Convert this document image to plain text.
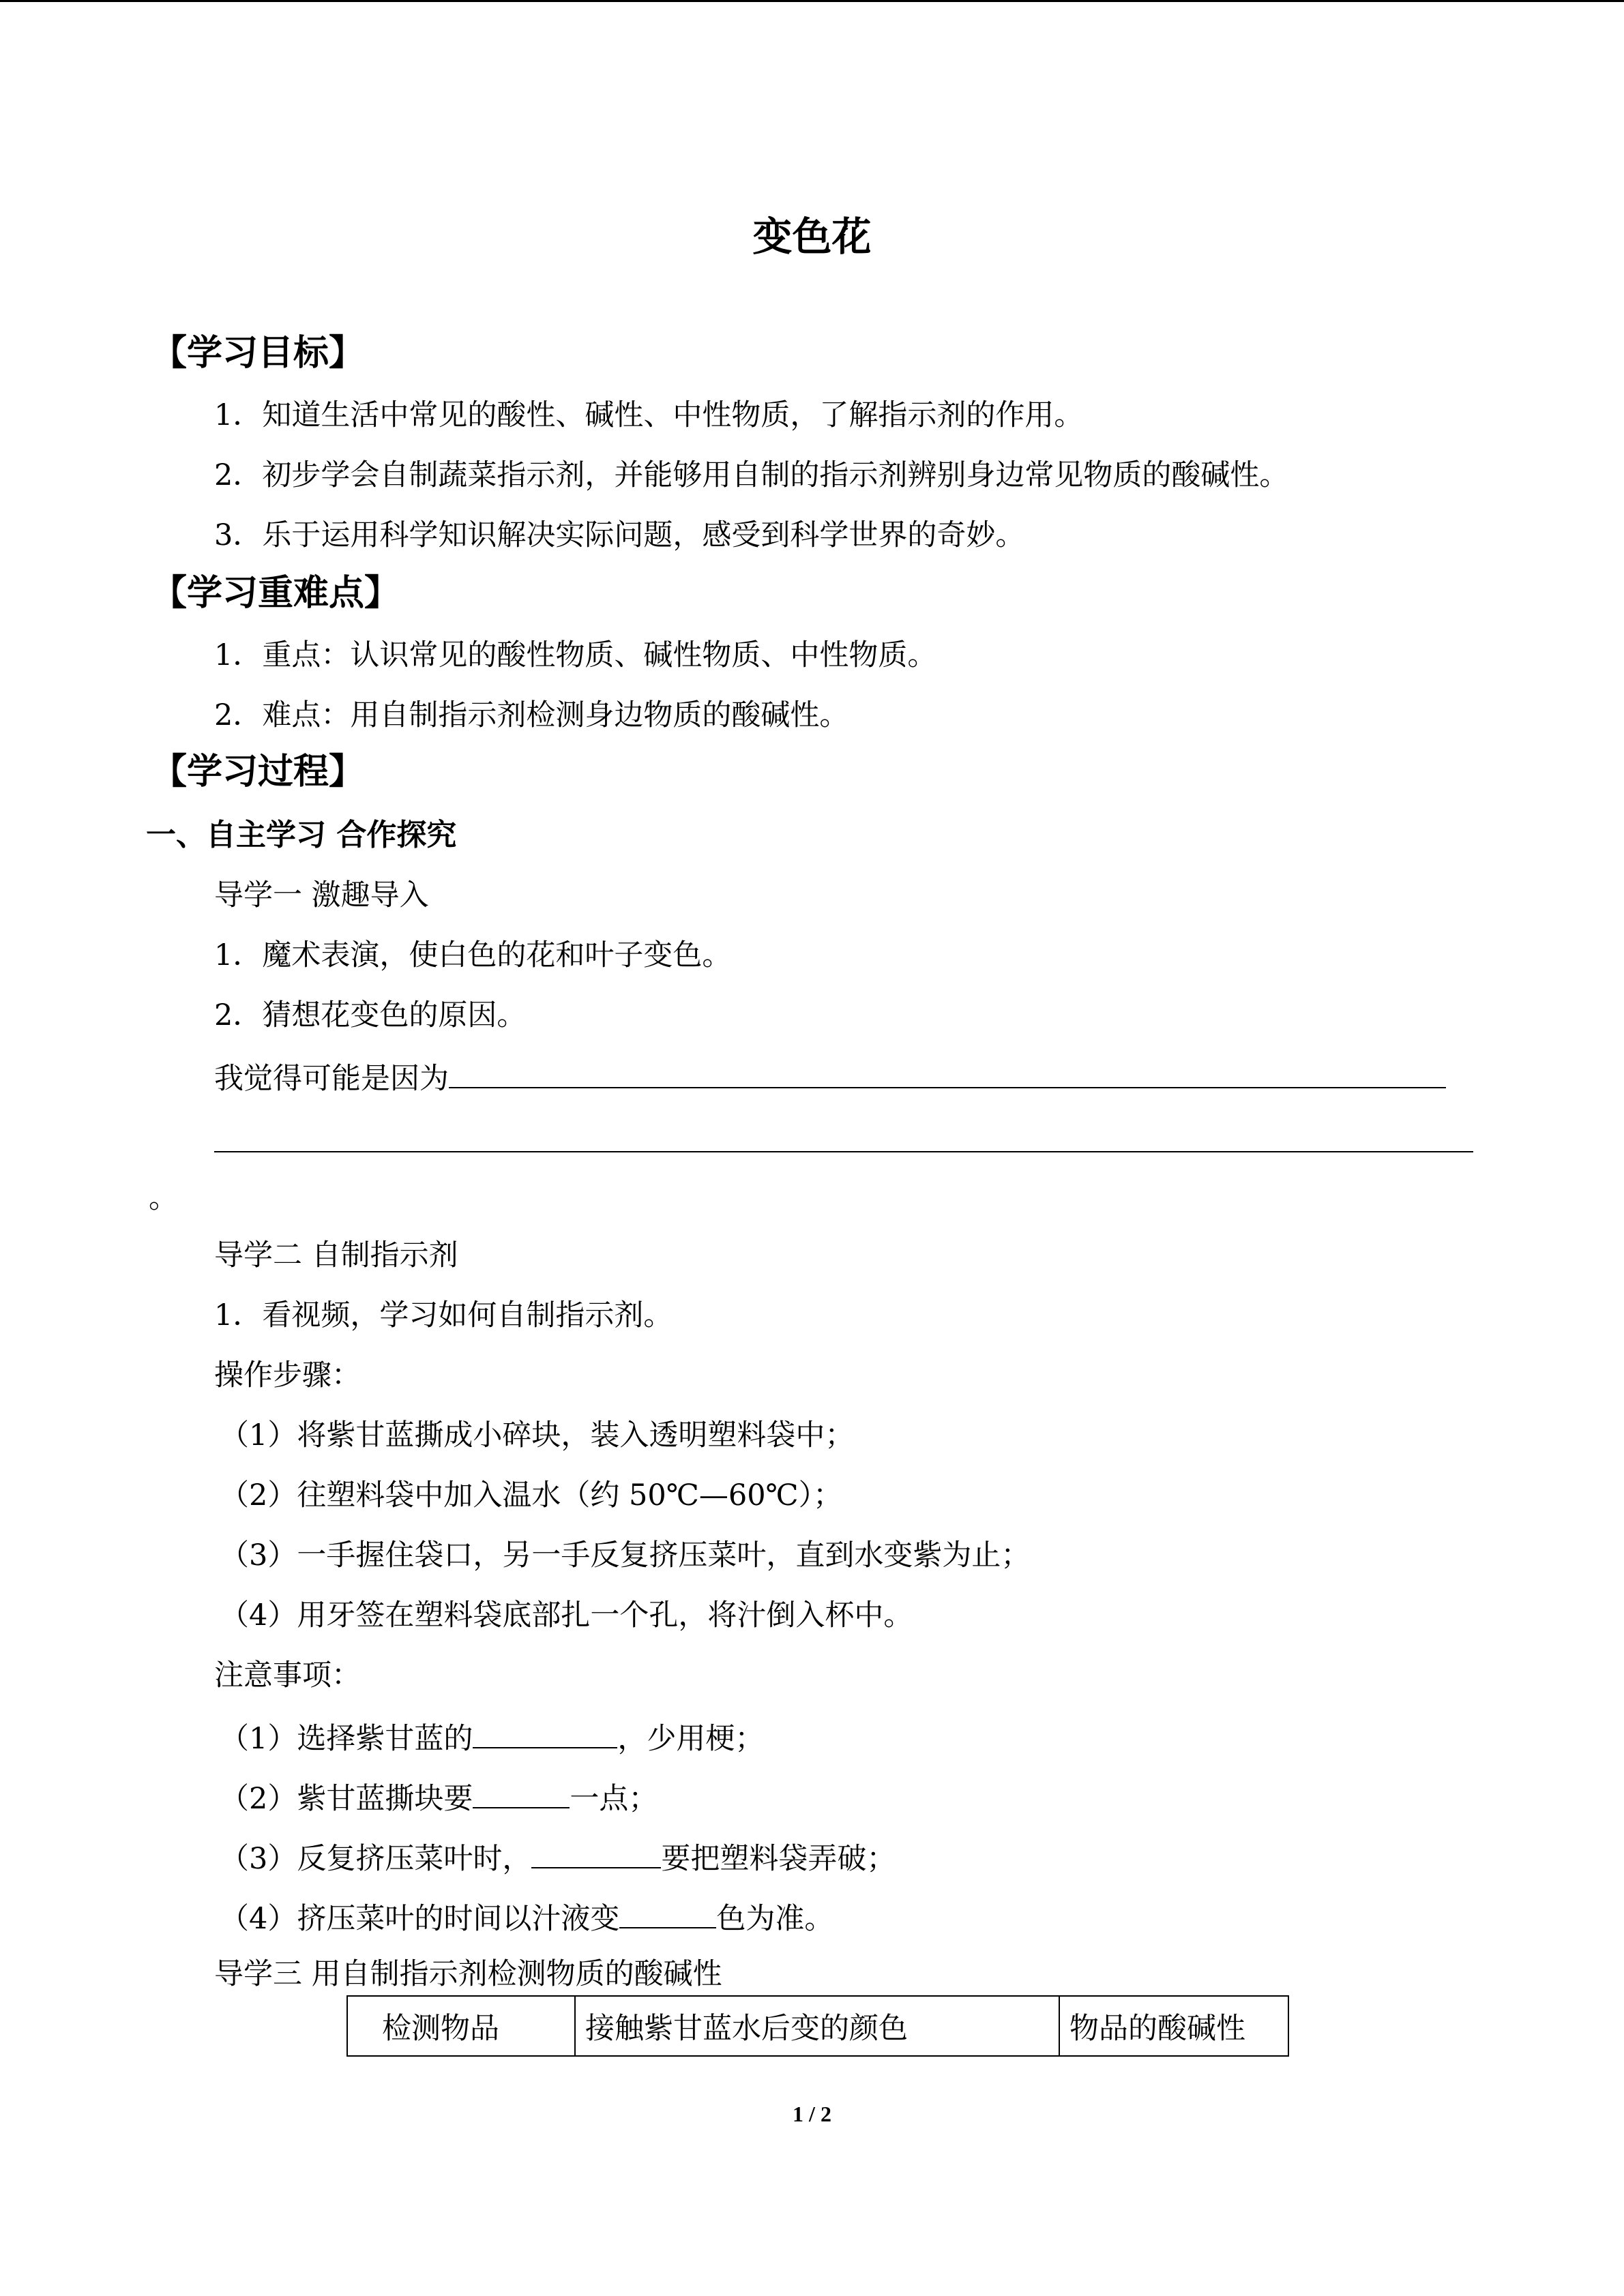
变色花
【学习目标】
1．知道生活中常见的酸性、碱性、中性物质，了解指示剂的作用。
2．初步学会自制蔬菜指示剂，并能够用自制的指示剂辨别身边常见物质的酸碱性。
3．乐于运用科学知识解决实际问题，感受到科学世界的奇妙。
【学习重难点】
1．重点：认识常见的酸性物质、碱性物质、中性物质。
2．难点：用自制指示剂检测身边物质的酸碱性。
【学习过程】
一、自主学习 合作探究
导学一 激趣导入
1．魔术表演，使白色的花和叶子变色。
2．猜想花变色的原因。
我觉得可能是因为
。
导学二 自制指示剂
1．看视频，学习如何自制指示剂。
操作步骤：
（1）将紫甘蓝撕成小碎块，装入透明塑料袋中；
（2）往塑料袋中加入温水（约 50℃—60℃）；
（3）一手握住袋口，另一手反复挤压菜叶，直到水变紫为止；
（4）用牙签在塑料袋底部扎一个孔，将汁倒入杯中。
注意事项：
（1）选择紫甘蓝的	，少用梗；
（2）紫甘蓝撕块要	一点；
（3）反复挤压菜叶时，	要把塑料袋弄破；
（4）挤压菜叶的时间以汁液变	色为准。
导学三 用自制指示剂检测物质的酸碱性
检测物品	接触紫甘蓝水后变的颜色	物品的酸碱性
1 / 2
